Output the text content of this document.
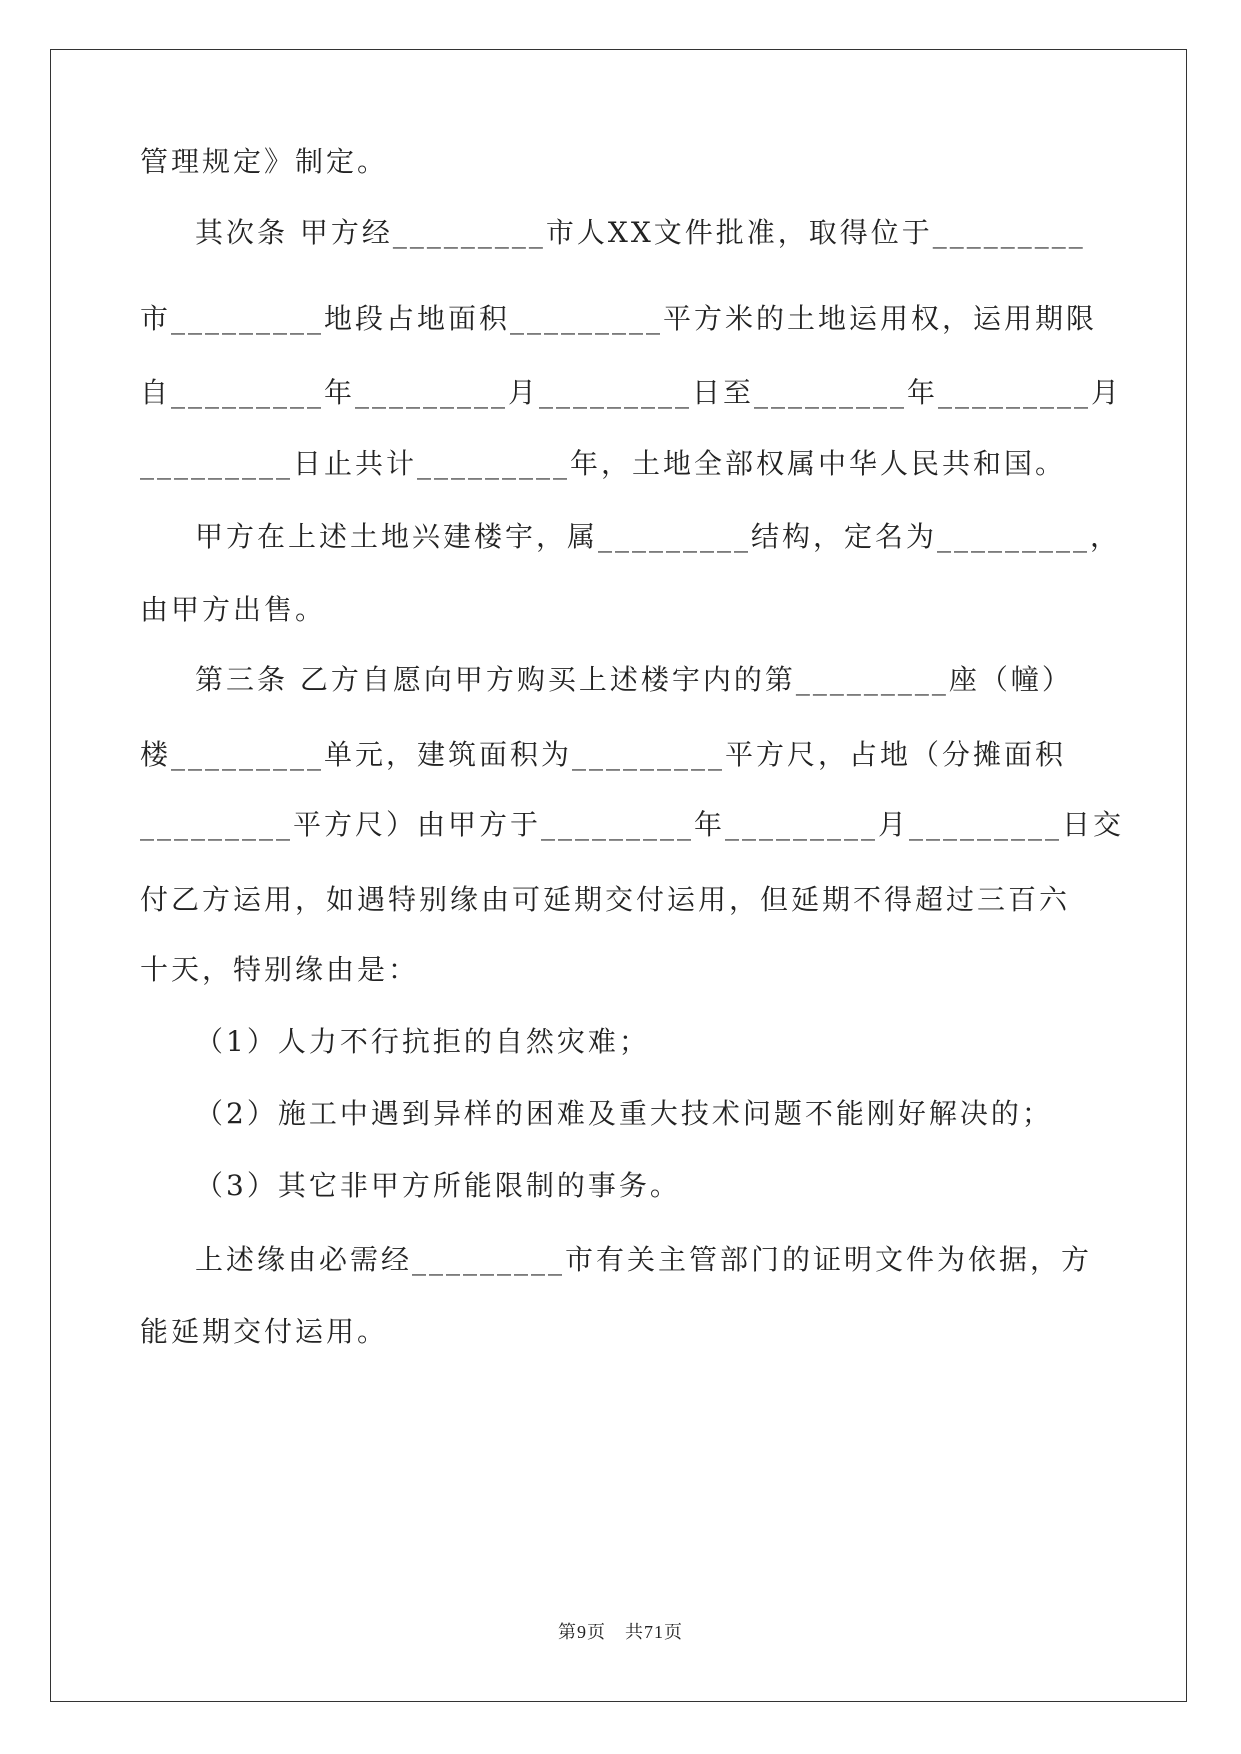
管理规定》制定。
其次条 甲方经_________市人XX文件批准，取得位于_________
市_________地段占地面积_________平方米的土地运用权，运用期限
自_________年_________月_________日至_________年_________月
_________日止共计_________年，土地全部权属中华人民共和国。
甲方在上述土地兴建楼宇，属_________结构，定名为_________，
由甲方出售。
第三条 乙方自愿向甲方购买上述楼宇内的第_________座（幢）
楼_________单元，建筑面积为_________平方尺，占地（分摊面积
_________平方尺）由甲方于_________年_________月_________日交
付乙方运用，如遇特别缘由可延期交付运用，但延期不得超过三百六
十天，特别缘由是：
（1）人力不行抗拒的自然灾难；
（2）施工中遇到异样的困难及重大技术问题不能刚好解决的；
（3）其它非甲方所能限制的事务。
上述缘由必需经_________市有关主管部门的证明文件为依据，方
能延期交付运用。
第9页　共71页
